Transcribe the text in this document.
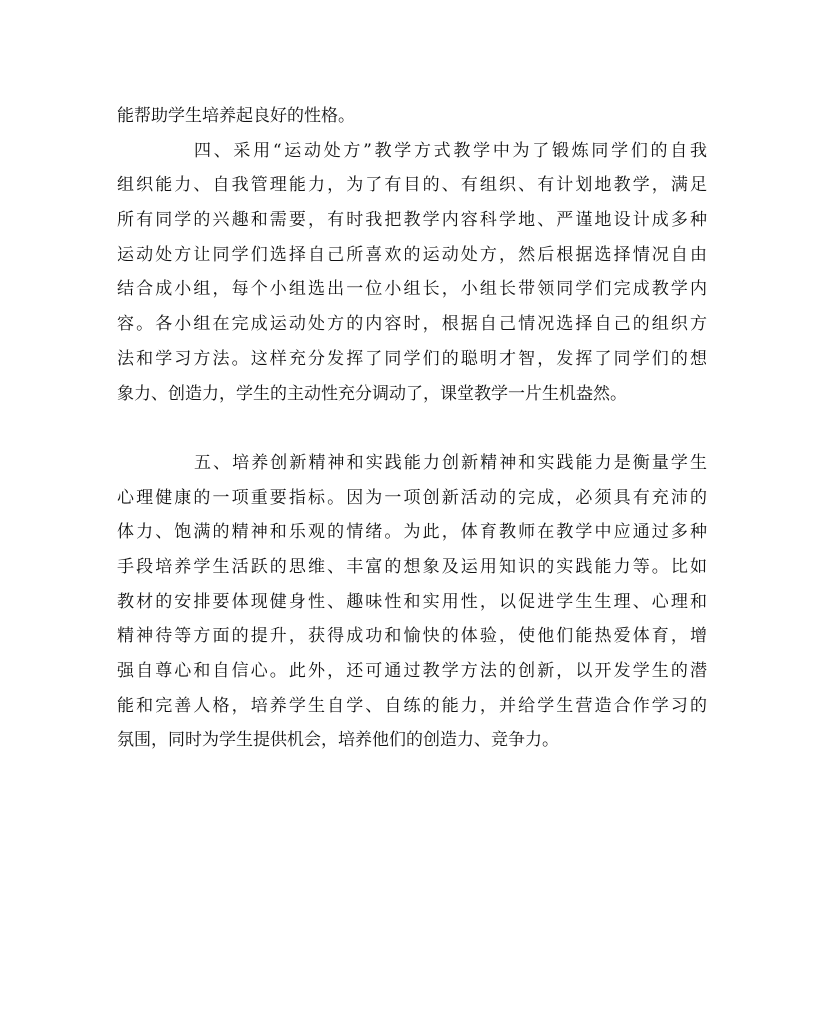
能帮助学生培养起良好的性格。
四、采用“运动处方”教学方式教学中为了锻炼同学们的自我
组织能力、自我管理能力，为了有目的、有组织、有计划地教学，满足
所有同学的兴趣和需要，有时我把教学内容科学地、严谨地设计成多种
运动处方让同学们选择自己所喜欢的运动处方，然后根据选择情况自由
结合成小组，每个小组选出一位小组长，小组长带领同学们完成教学内
容。各小组在完成运动处方的内容时，根据自己情况选择自己的组织方
法和学习方法。这样充分发挥了同学们的聪明才智，发挥了同学们的想
象力、创造力，学生的主动性充分调动了，课堂教学一片生机盎然。
五、培养创新精神和实践能力创新精神和实践能力是衡量学生
心理健康的一项重要指标。因为一项创新活动的完成，必须具有充沛的
体力、饱满的精神和乐观的情绪。为此，体育教师在教学中应通过多种
手段培养学生活跃的思维、丰富的想象及运用知识的实践能力等。比如
教材的安排要体现健身性、趣味性和实用性，以促进学生生理、心理和
精神待等方面的提升，获得成功和愉快的体验，使他们能热爱体育，增
强自尊心和自信心。此外，还可通过教学方法的创新，以开发学生的潜
能和完善人格，培养学生自学、自练的能力，并给学生营造合作学习的
氛围，同时为学生提供机会，培养他们的创造力、竞争力。
